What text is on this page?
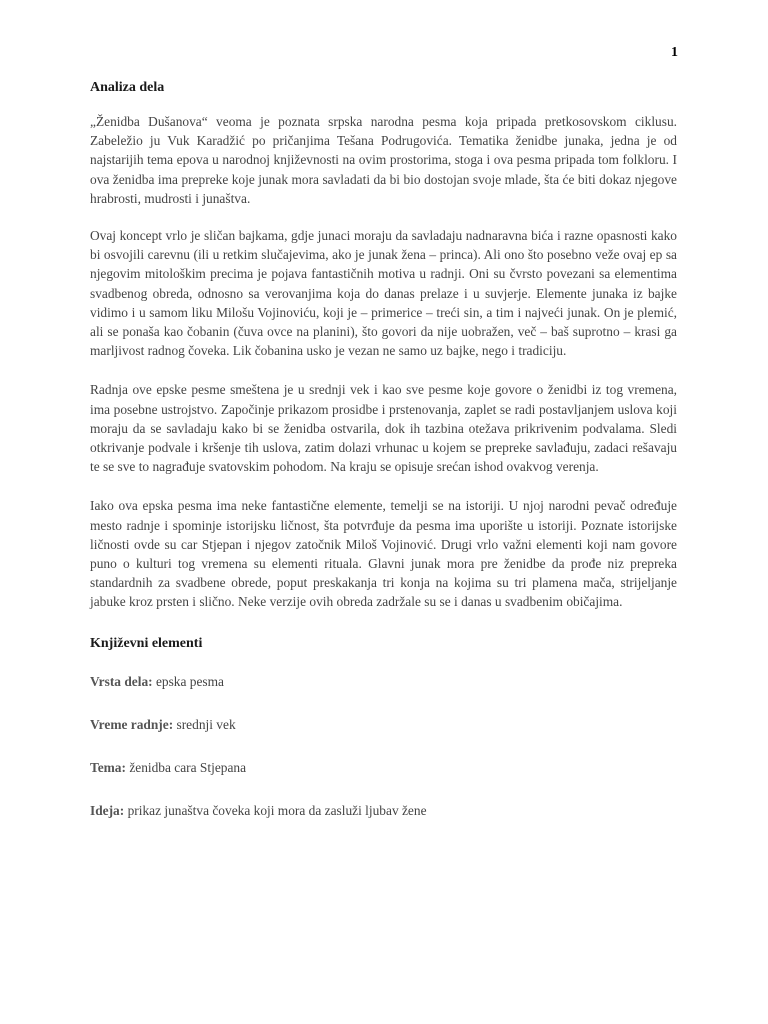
1
Analiza dela

„Ženidba Dušanova“ veoma je poznata srpska narodna pesma koja pripada pretkosovskom ciklusu. Zabeležio ju Vuk Karadžić po pričanjima Tešana Podrugovića. Tematika ženidbe junaka, jedna je od najstarijih tema epova u narodnoj književnosti na ovim prostorima, stoga i ova pesma pripada tom folkloru. I ova ženidba ima prepreke koje junak mora savladati da bi bio dostojan svoje mlade, šta će biti dokaz njegove hrabrosti, mudrosti i junaštva.

Ovaj koncept vrlo je sličan bajkama, gdje junaci moraju da savladaju nadnaravna bića i razne opasnosti kako bi osvojili carevnu (ili u retkim slučajevima, ako je junak žena – princa). Ali ono što posebno veže ovaj ep sa njegovim mitološkim precima je pojava fantastičnih motiva u radnji. Oni su čvrsto povezani sa elementima svadbenog obreda, odnosno sa verovanjima koja do danas prelaze i u suvjerje. Elemente junaka iz bajke vidimo i u samom liku Milošu Vojinoviću, koji je – primerice – treći sin, a tim i najveći junak. On je plemić, ali se ponaša kao čobanin (čuva ovce na planini), što govori da nije uobražen, več – baš suprotno – krasi ga marljivost radnog čoveka. Lik čobanina usko je vezan ne samo uz bajke, nego i tradiciju.

Radnja ove epske pesme smeštena je u srednji vek i kao sve pesme koje govore o ženidbi iz tog vremena, ima posebne ustrojstvo. Započinje prikazom prosidbe i prstenovanja, zaplet se radi postavljanjem uslova koji moraju da se savladaju kako bi se ženidba ostvarila, dok ih tazbina otežava prikrivenim podvalama. Sledi otkrivanje podvale i kršenje tih uslova, zatim dolazi vrhunac u kojem se prepreke savlađuju, zadaci rešavaju te se sve to nagrađuje svatovskim pohodom. Na kraju se opisuje srećan ishod ovakvog verenja.

Iako ova epska pesma ima neke fantastične elemente, temelji se na istoriji. U njoj narodni pevač određuje mesto radnje i spominje istorijsku ličnost, šta potvrđuje da pesma ima uporište u istoriji. Poznate istorijske ličnosti ovde su car Stjepan i njegov zatočnik Miloš Vojinović. Drugi vrlo važni elementi koji nam govore puno o kulturi tog vremena su elementi rituala. Glavni junak mora pre ženidbe da prođe niz prepreka standardnih za svadbene obrede, poput preskakanja tri konja na kojima su tri plamena mača, strijeljanje jabuke kroz prsten i slično. Neke verzije ovih obreda zadržale su se i danas u svadbenim običajima.

Književni elementi
Vrsta dela: epska pesma
Vreme radnje: srednji vek
Tema: ženidba cara Stjepana
Ideja: prikaz junaštva čoveka koji mora da zasluži ljubav žene
